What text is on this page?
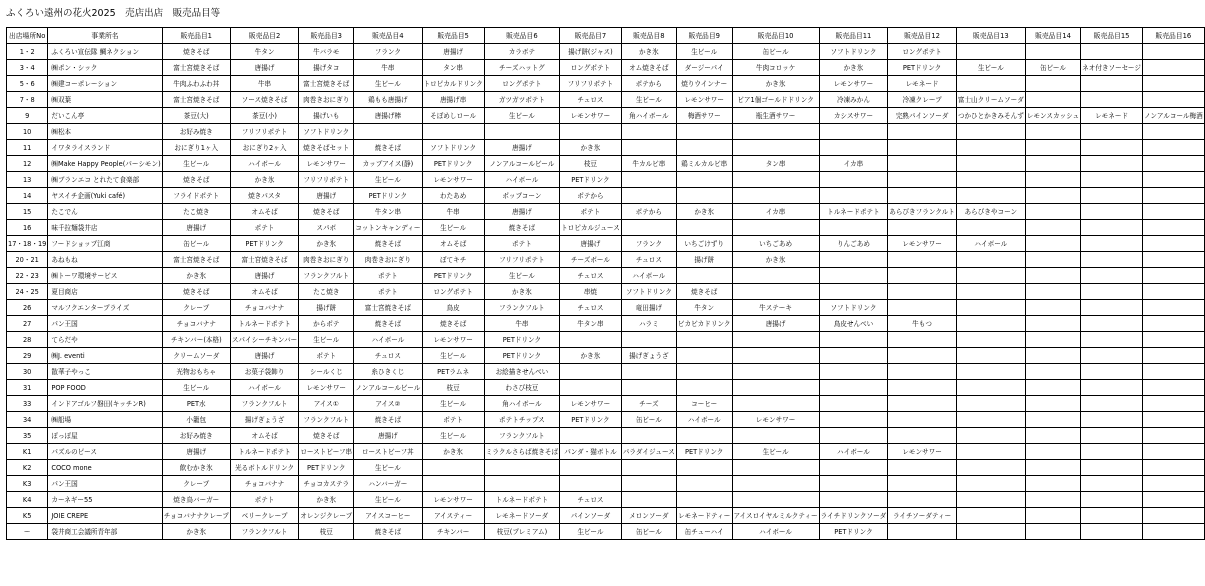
ふくろい遠州の花火2025　売店出店　販売品目等
出店場所No	事業所名	販売品目1	販売品目2	販売品目3	販売品目4	販売品目5	販売品目6	販売品目7	販売品目8	販売品目9	販売品目10	販売品目11	販売品目12	販売品目13	販売品目14	販売品目15	販売品目16
1・2	ふくろい宣伝隊 鯛ネクション	焼きそば	牛タン	牛バラモ	フランク	唐揚げ	カラボテ	揚げ餅(ジャス)	かき氷	生ビール	缶ビール	ソフトドリンク	ロングポテト				
3・4	㈱ポン・シック	富士宮焼きそば	唐揚げ	揚げタコ	牛串	タン串	チーズハットグ	ロングポテト	オム焼きそば	ダージーパイ	牛肉コロッケ	かき氷	PETドリンク	生ビール	缶ビール	ネオ付きソーセージ	
5・6	㈱建コーポレーション	牛肉ふわふわ丼	牛串	富士宮焼きそば	生ビール	トロピカルドリンク	ロングポテト	フリフリポテト	ポテから	焼りウインナー	かき氷	レモンサワー	レモネード				
7・8	㈱双葉	富士宮焼きそば	ソース焼きそば	肉巻きおにぎり	鶏もも唐揚げ	唐揚げ串	ガツガツポテト	チュロス	生ビール	レモンサワー	ビア1個ゴールドドリンク	冷凍みかん	冷凍クレープ	富士山クリームソーダ			
9	だいこん亭	茶豆(大)	茶豆(小)	揚げいも	唐揚げ棒	そぼめしロール	生ビール	レモンサワー	角ハイボール	梅酒サワー	瓶生酒サワー	カシスサワー	完熟パインソーダ	つかひとかきみそんず	レモンスカッシュ	レモネード	ノンアルコール梅酒
10	㈱松本	お好み焼き	フリフリポテト	ソフトドリンク													
11	イワタライスランド	おにぎり1ヶ入	おにぎり2ヶ入	焼きそばセット	焼きそば	ソフトドリンク	唐揚げ	かき氷									
12	㈱Make Happy People(パーシモン)	生ビール	ハイボール	レモンサワー	カップアイス(静)	PETドリンク	ノンアルコールビール	枝豆	牛カルビ串	鶏ミルカルビ串	タン串	イカ串					
13	㈱ブランエコ とれたて食楽部	焼きそば	かき氷	フリフリポテト	生ビール	レモンサワー	ハイボール	PETドリンク									
14	ヤスイチ企画(Yuki café)	フライドポテト	焼きパスタ	唐揚げ	PETドリンク	わたあめ	ポップコーン	ポテから									
15	たこでん	たこ焼き	オムそば	焼きそば	牛タン串	牛串	唐揚げ	ポテト	ポテから	かき氷	イカ串	トルネードポテト	あらびきフランクルト	あらびきやコーン			
16	味千拉麺袋井店	唐揚げ	ポテト	スパボ	コットンキャンディー	生ビール	焼きそば	トロピカルジュース									
17・18・19	フードショップ江商	缶ビール	PETドリンク	かき氷	焼きそば	オムそば	ポテト	唐揚げ	フランク	いちごけずり	いちごあめ	りんごあめ	レモンサワー	ハイボール			
20・21	あねもね	富士宮焼きそば	富士宮焼きそば	肉巻きおにぎり	肉巻きおにぎり	ぼてキチ	フリフリポテト	チーズボール	チュロス	揚げ餅	かき氷						
22・23	㈱トーワ環境サービス	かき氷	唐揚げ	フランクフルト	ポテト	PETドリンク	生ビール	チュロス	ハイボール								
24・25	夏目商店	焼きそば	オムそば	たこ焼き	ポテト	ロングポテト	かき氷	串焼	ソフトドリンク	焼きそば							
26	マルフクエンタープライズ	クレープ	チョコバナナ	揚げ餅	富士宮焼きそば	鳥皮	フランクフルト	チュロス	竜田揚げ	牛タン	牛ステーキ	ソフトドリンク					
27	パン王国	チョコバナナ	トルネードポテト	からポテ	焼きそば	焼きそば	牛串	牛タン串	ハラミ	ビカビカドリンク	唐揚げ	鳥皮せんべい	牛もつ				
28	てらだや	チキンバー(本格)	スパイシーチキンバー	生ビール	ハイボール	レモンサワー	PETドリンク										
29	㈱J. eventi	クリームソーダ	唐揚げ	ポテト	チュロス	生ビール	PETドリンク	かき氷	揚げぎょうざ								
30	散華子やっこ	光物おもちゃ	お菓子袋飾り	シールくじ	糸ひきくじ	PETラムネ	お絵描きせんべい										
31	POP FOOD	生ビール	ハイボール	レモンサワー	ノンアルコールビール	枝豆	わさび枝豆										
33	インドアゴルフ磐田(キッチンR)	PET水	フランクフルト	アイス①	アイス②	生ビール	角ハイボール	レモンサワー	チーズ	コーヒー							
34	㈱船場	小籠包	揚げぎょうざ	フランクフルト	焼きそば	ポテト	ポテトチップス	PETドリンク	缶ビール	ハイボール	レモンサワー						
35	ぽっぽ屋	お好み焼き	オムそば	焼きそば	唐揚げ	生ビール	フランクフルト										
K1	パズルのピース	唐揚げ	トルネードポテト	ローストビーフ串	ローストビーフ丼	かき氷	ミラクルさらば焼きそば	パンダ・猫ボトル	パラダイジュース	PETドリンク	生ビール	ハイボール	レモンサワー				
K2	COCO mone	飲むかき氷	光るボトルドリンク	PETドリンク	生ビール												
K3	パン王国	クレープ	チョコバナナ	チョコカステラ	ハンバーガー												
K4	カーネギー55	焼き鳥バーガー	ポテト	かき氷	生ビール	レモンサワー	トルネードポテト	チュロス									
K5	JOIE CREPE	チョコバナナクレープ	ベリークレープ	オレンジクレープ	アイスコーヒー	アイスティー	レモネードソーダ	パインソーダ	メロンソーダ	レモネードティー	アイスロイヤルミルクティー	ライチドリンクソーダ	ライチソーダティー				
ー	袋井商工会議所青年部	かき氷	フランクフルト	枝豆	焼きそば	チキンバー	枝豆(プレミアム)	生ビール	缶ビール	缶チューハイ	ハイボール	PETドリンク					
